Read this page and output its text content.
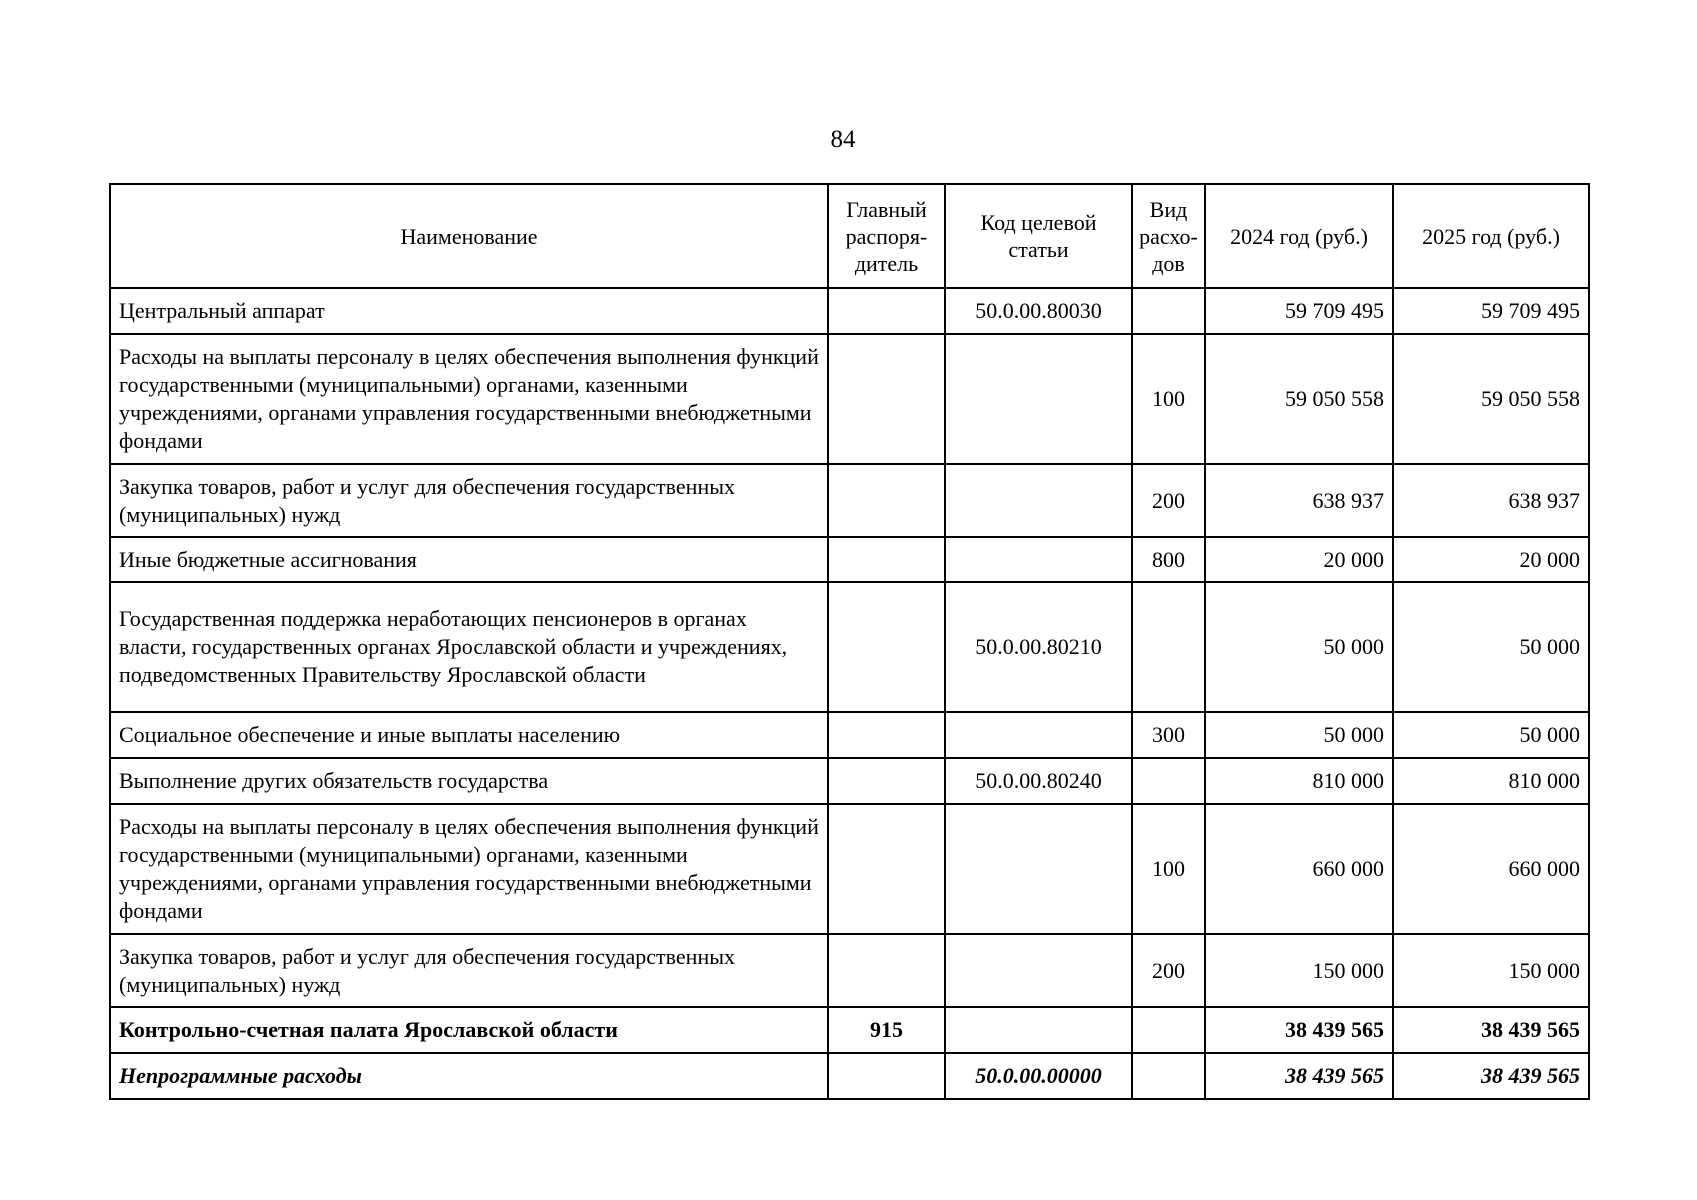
84
Наименование	Главный распоря-дитель	Код целевой статьи	Вид расхо-дов	2024 год (руб.)	2025 год (руб.)
Центральный аппарат		50.0.00.80030		59 709 495	59 709 495
Расходы на выплаты персоналу в целях обеспечения выполнения функций государственными (муниципальными) органами, казенными учреждениями, органами управления государственными внебюджетными фондами			100	59 050 558	59 050 558
Закупка товаров, работ и услуг для обеспечения государственных (муниципальных) нужд			200	638 937	638 937
Иные бюджетные ассигнования			800	20 000	20 000
Государственная поддержка неработающих пенсионеров в органах власти, государственных органах Ярославской области и учреждениях, подведомственных Правительству Ярославской области		50.0.00.80210		50 000	50 000
Социальное обеспечение и иные выплаты населению			300	50 000	50 000
Выполнение других обязательств государства		50.0.00.80240		810 000	810 000
Расходы на выплаты персоналу в целях обеспечения выполнения функций государственными (муниципальными) органами, казенными учреждениями, органами управления государственными внебюджетными фондами			100	660 000	660 000
Закупка товаров, работ и услуг для обеспечения государственных (муниципальных) нужд			200	150 000	150 000
Контрольно-счетная палата Ярославской области	915			38 439 565	38 439 565
Непрограммные расходы		50.0.00.00000		38 439 565	38 439 565
